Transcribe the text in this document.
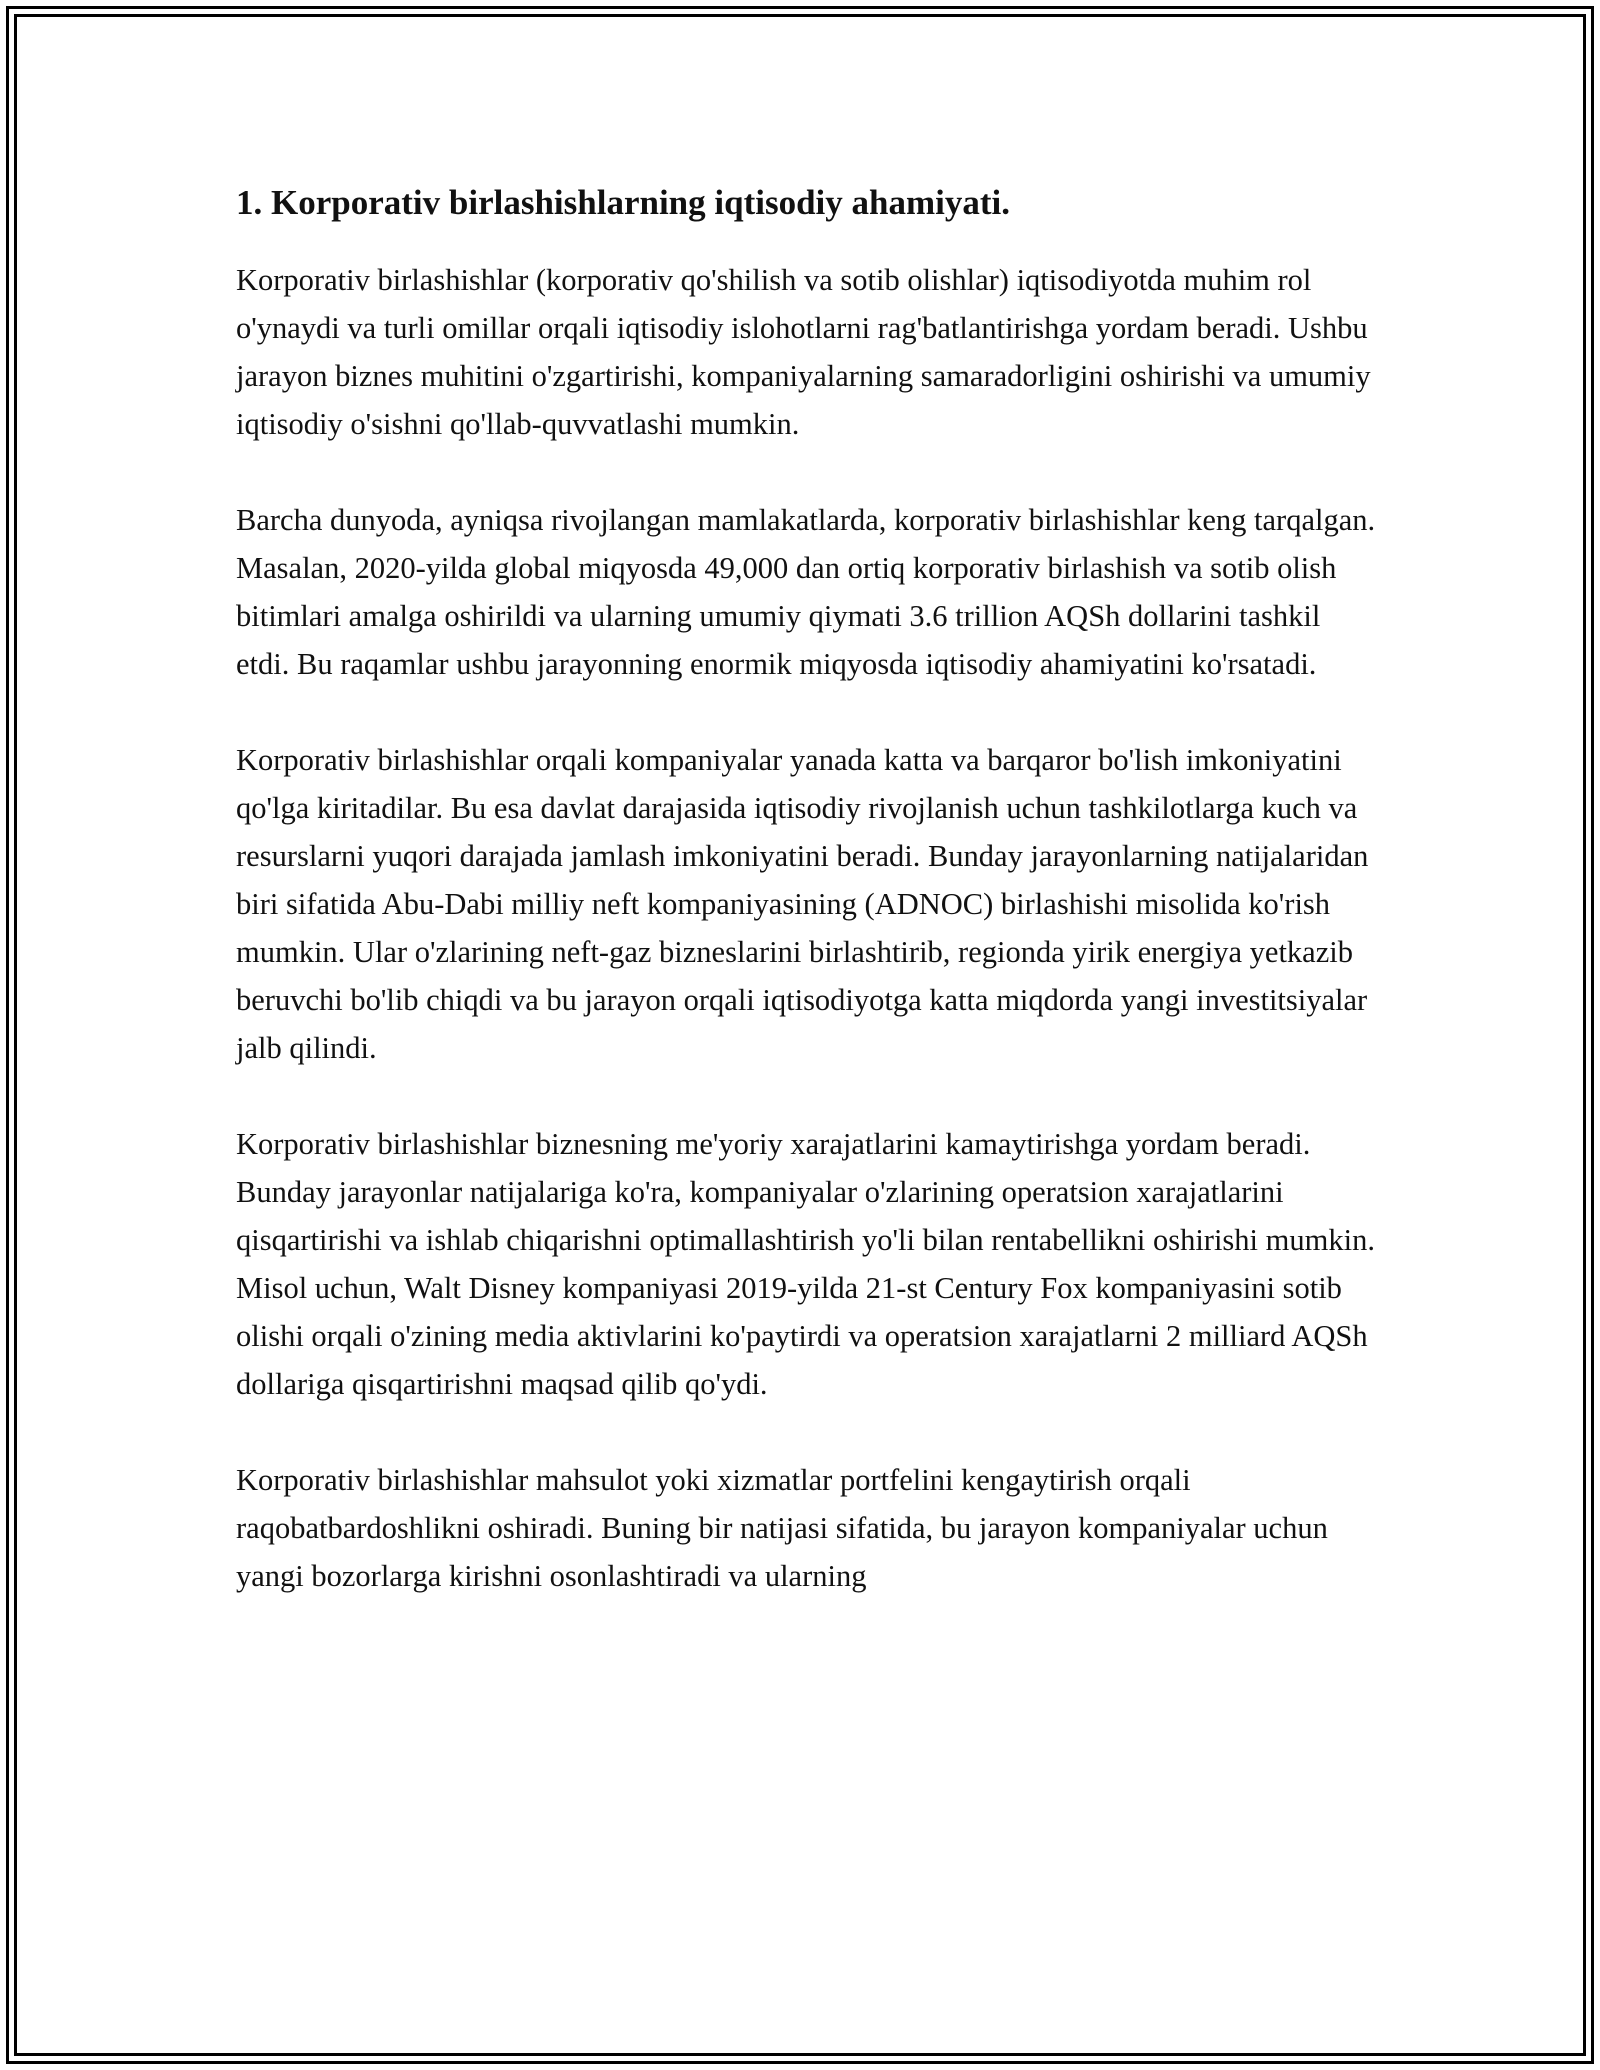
1. Korporativ birlashishlarning iqtisodiy ahamiyati.

Korporativ birlashishlar (korporativ qo'shilish va sotib olishlar) iqtisodiyotda muhim rol o'ynaydi va turli omillar orqali iqtisodiy islohotlarni rag'batlantirishga yordam beradi. Ushbu jarayon biznes muhitini o'zgartirishi, kompaniyalarning samaradorligini oshirishi va umumiy iqtisodiy o'sishni qo'llab-quvvatlashi mumkin.

Barcha dunyoda, ayniqsa rivojlangan mamlakatlarda, korporativ birlashishlar keng tarqalgan. Masalan, 2020-yilda global miqyosda 49,000 dan ortiq korporativ birlashish va sotib olish bitimlari amalga oshirildi va ularning umumiy qiymati 3.6 trillion AQSh dollarini tashkil etdi. Bu raqamlar ushbu jarayonning enormik miqyosda iqtisodiy ahamiyatini ko'rsatadi.

Korporativ birlashishlar orqali kompaniyalar yanada katta va barqaror bo'lish imkoniyatini qo'lga kiritadilar. Bu esa davlat darajasida iqtisodiy rivojlanish uchun tashkilotlarga kuch va resurslarni yuqori darajada jamlash imkoniyatini beradi. Bunday jarayonlarning natijalaridan biri sifatida Abu-Dabi milliy neft kompaniyasining (ADNOC) birlashishi misolida ko'rish mumkin. Ular o'zlarining neft-gaz bizneslarini birlashtirib, regionda yirik energiya yetkazib beruvchi bo'lib chiqdi va bu jarayon orqali iqtisodiyotga katta miqdorda yangi investitsiyalar jalb qilindi.

Korporativ birlashishlar biznesning me'yoriy xarajatlarini kamaytirishga yordam beradi. Bunday jarayonlar natijalariga ko'ra, kompaniyalar o'zlarining operatsion xarajatlarini qisqartirishi va ishlab chiqarishni optimallashtirish yo'li bilan rentabellikni oshirishi mumkin. Misol uchun, Walt Disney kompaniyasi 2019-yilda 21-st Century Fox kompaniyasini sotib olishi orqali o'zining media aktivlarini ko'paytirdi va operatsion xarajatlarni 2 milliard AQSh dollariga qisqartirishni maqsad qilib qo'ydi.

Korporativ birlashishlar mahsulot yoki xizmatlar portfelini kengaytirish orqali raqobatbardoshlikni oshiradi. Buning bir natijasi sifatida, bu jarayon kompaniyalar uchun yangi bozorlarga kirishni osonlashtiradi va ularning
